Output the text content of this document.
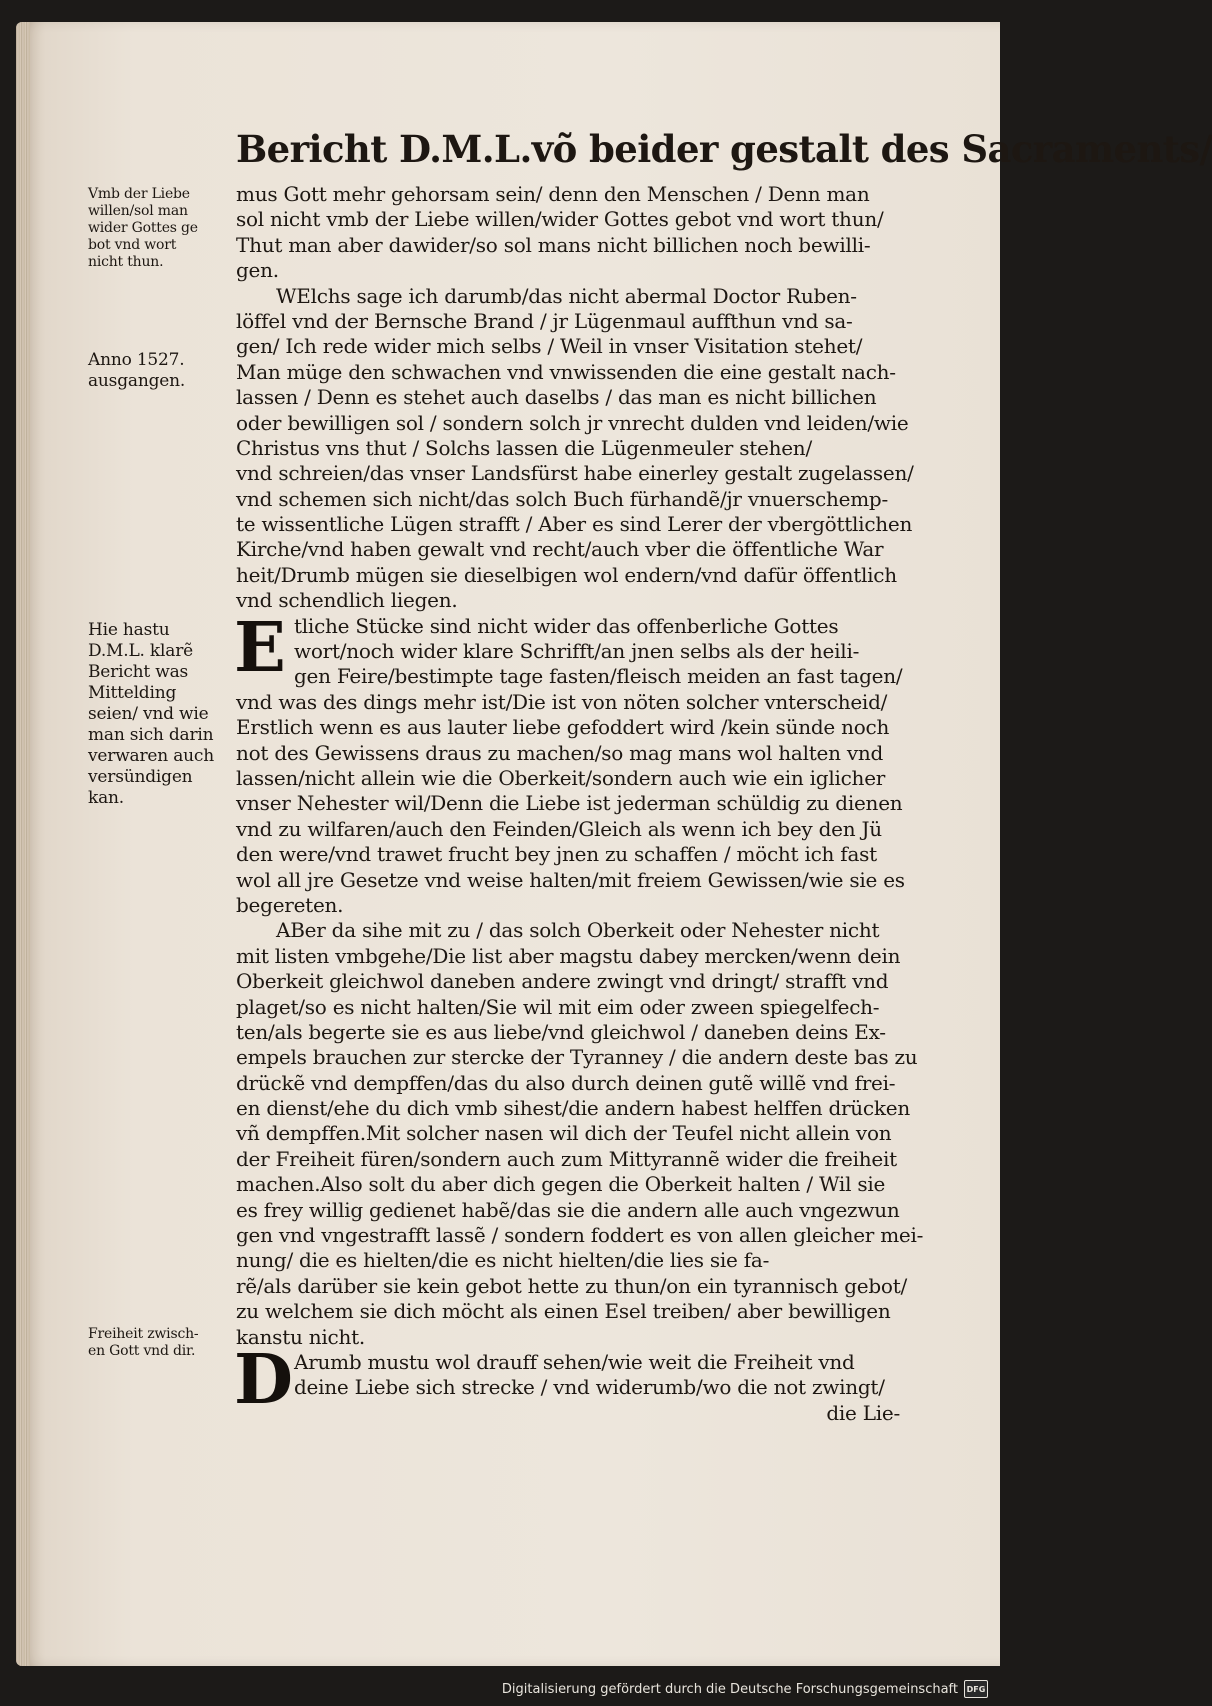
Bericht D.M.L.võ beider gestalt des Sacraments/
Vmb der Liebe
willen/sol man
wider Gottes ge
bot vnd wort
nicht thun.
Anno 1527.
ausgangen.
Hie hastu
D.M.L. klarẽ
Bericht was
Mittelding
seien/ vnd wie
man sich darin
verwaren auch
versündigen
kan.
Freiheit zwisch-
en Gott vnd dir.
mus Gott mehr gehorsam sein/ denn den Menschen / Denn man
sol nicht vmb der Liebe willen/wider Gottes gebot vnd wort thun/
Thut man aber dawider/so sol mans nicht billichen noch bewilli-
gen.
WElchs sage ich darumb/das nicht abermal Doctor Ruben-
löffel vnd der Bernsche Brand / jr Lügenmaul auffthun vnd sa-
gen/ Ich rede wider mich selbs / Weil in vnser Visitation stehet/
Man müge den schwachen vnd vnwissenden die eine gestalt nach-
lassen / Denn es stehet auch daselbs / das man es nicht billichen
oder bewilligen sol / sondern solch jr vnrecht dulden vnd leiden/wie
Christus vns thut / Solchs lassen die Lügenmeuler stehen/
vnd schreien/das vnser Landsfürst habe einerley gestalt zugelassen/
vnd schemen sich nicht/das solch Buch fürhandẽ/jr vnuerschemp-
te wissentliche Lügen strafft / Aber es sind Lerer der vbergöttlichen
Kirche/vnd haben gewalt vnd recht/auch vber die öffentliche War
heit/Drumb mügen sie dieselbigen wol endern/vnd dafür öffentlich
vnd schendlich liegen.
E tliche Stücke sind nicht wider das offenberliche Gottes
wort/noch wider klare Schrifft/an jnen selbs als der heili-
gen Feire/bestimpte tage fasten/fleisch meiden an fast tagen/
vnd was des dings mehr ist/Die ist von nöten solcher vnterscheid/
Erstlich wenn es aus lauter liebe gefoddert wird /kein sünde noch
not des Gewissens draus zu machen/so mag mans wol halten vnd
lassen/nicht allein wie die Oberkeit/sondern auch wie ein iglicher
vnser Nehester wil/Denn die Liebe ist jederman schüldig zu dienen
vnd zu wilfaren/auch den Feinden/Gleich als wenn ich bey den Jü
den were/vnd trawet frucht bey jnen zu schaffen / möcht ich fast
wol all jre Gesetze vnd weise halten/mit freiem Gewissen/wie sie es
begereten.
ABer da sihe mit zu / das solch Oberkeit oder Nehester nicht
mit listen vmbgehe/Die list aber magstu dabey mercken/wenn dein
Oberkeit gleichwol daneben andere zwingt vnd dringt/ strafft vnd
plaget/so es nicht halten/Sie wil mit eim oder zween spiegelfech-
ten/als begerte sie es aus liebe/vnd gleichwol / daneben deins Ex-
empels brauchen zur stercke der Tyranney / die andern deste bas zu
drückẽ vnd dempffen/das du also durch deinen gutẽ willẽ vnd frei-
en dienst/ehe du dich vmb sihest/die andern habest helffen drücken
vñ dempffen.Mit solcher nasen wil dich der Teufel nicht allein von
der Freiheit füren/sondern auch zum Mittyrannẽ wider die freiheit
machen.Also solt du aber dich gegen die Oberkeit halten / Wil sie
es frey willig gedienet habẽ/das sie die andern alle auch vngezwun
gen vnd vngestrafft lassẽ / sondern foddert es von allen gleicher mei-
nung/ die es hielten/die es nicht hielten/die lies sie fa-
rẽ/als darüber sie kein gebot hette zu thun/on ein tyrannisch gebot/
zu welchem sie dich möcht als einen Esel treiben/ aber bewilligen
kanstu nicht.
D Arumb mustu wol drauff sehen/wie weit die Freiheit vnd
deine Liebe sich strecke / vnd widerumb/wo die not zwingt/
die Lie-
Digitalisierung gefördert durch die Deutsche Forschungsgemeinschaft	DFG
